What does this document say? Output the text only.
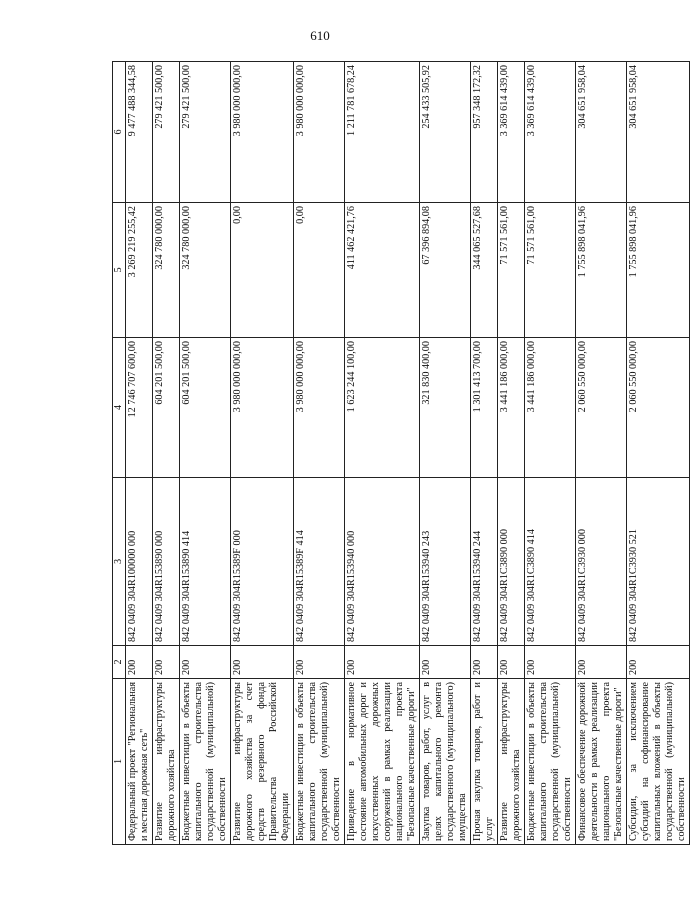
610
1	2	3	4	5	6
Федеральный проект "Региональная и местная дорожная сеть"	200	842 0409 304R100000 000	12 746 707 600,00	3 269 219 255,42	9 477 488 344,58
Развитие инфраструктуры дорожного хозяйства	200	842 0409 304R153890 000	604 201 500,00	324 780 000,00	279 421 500,00
Бюджетные инвестиции в объекты капитального строительства государственной (муниципальной) собственности	200	842 0409 304R153890 414	604 201 500,00	324 780 000,00	279 421 500,00
Развитие инфраструктуры дорожного хозяйства за счет средств резервного фонда Правительства Российской Федерации	200	842 0409 304R15389F 000	3 980 000 000,00	0,00	3 980 000 000,00
Бюджетные инвестиции в объекты капитального строительства государственной (муниципальной) собственности	200	842 0409 304R15389F 414	3 980 000 000,00	0,00	3 980 000 000,00
Приведение в нормативное состояние автомобильных дорог и искусственных дорожных сооружений в рамках реализации национального проекта "Безопасные качественные дороги"	200	842 0409 304R153940 000	1 623 244 100,00	411 462 421,76	1 211 781 678,24
Закупка товаров, работ, услуг в целях капитального ремонта государственного (муниципального) имущества	200	842 0409 304R153940 243	321 830 400,00	67 396 894,08	254 433 505,92
Прочая закупка товаров, работ и услуг	200	842 0409 304R153940 244	1 301 413 700,00	344 065 527,68	957 348 172,32
Развитие инфраструктуры дорожного хозяйства	200	842 0409 304R1C3890 000	3 441 186 000,00	71 571 561,00	3 369 614 439,00
Бюджетные инвестиции в объекты капитального строительства государственной (муниципальной) собственности	200	842 0409 304R1C3890 414	3 441 186 000,00	71 571 561,00	3 369 614 439,00
Финансовое обеспечение дорожной деятельности в рамках реализации национального проекта "Безопасные качественные дороги"	200	842 0409 304R1C3930 000	2 060 550 000,00	1 755 898 041,96	304 651 958,04
Субсидии, за исключением субсидий на софинансирование капитальных вложений в объекты государственной (муниципальной) собственности	200	842 0409 304R1C3930 521	2 060 550 000,00	1 755 898 041,96	304 651 958,04
